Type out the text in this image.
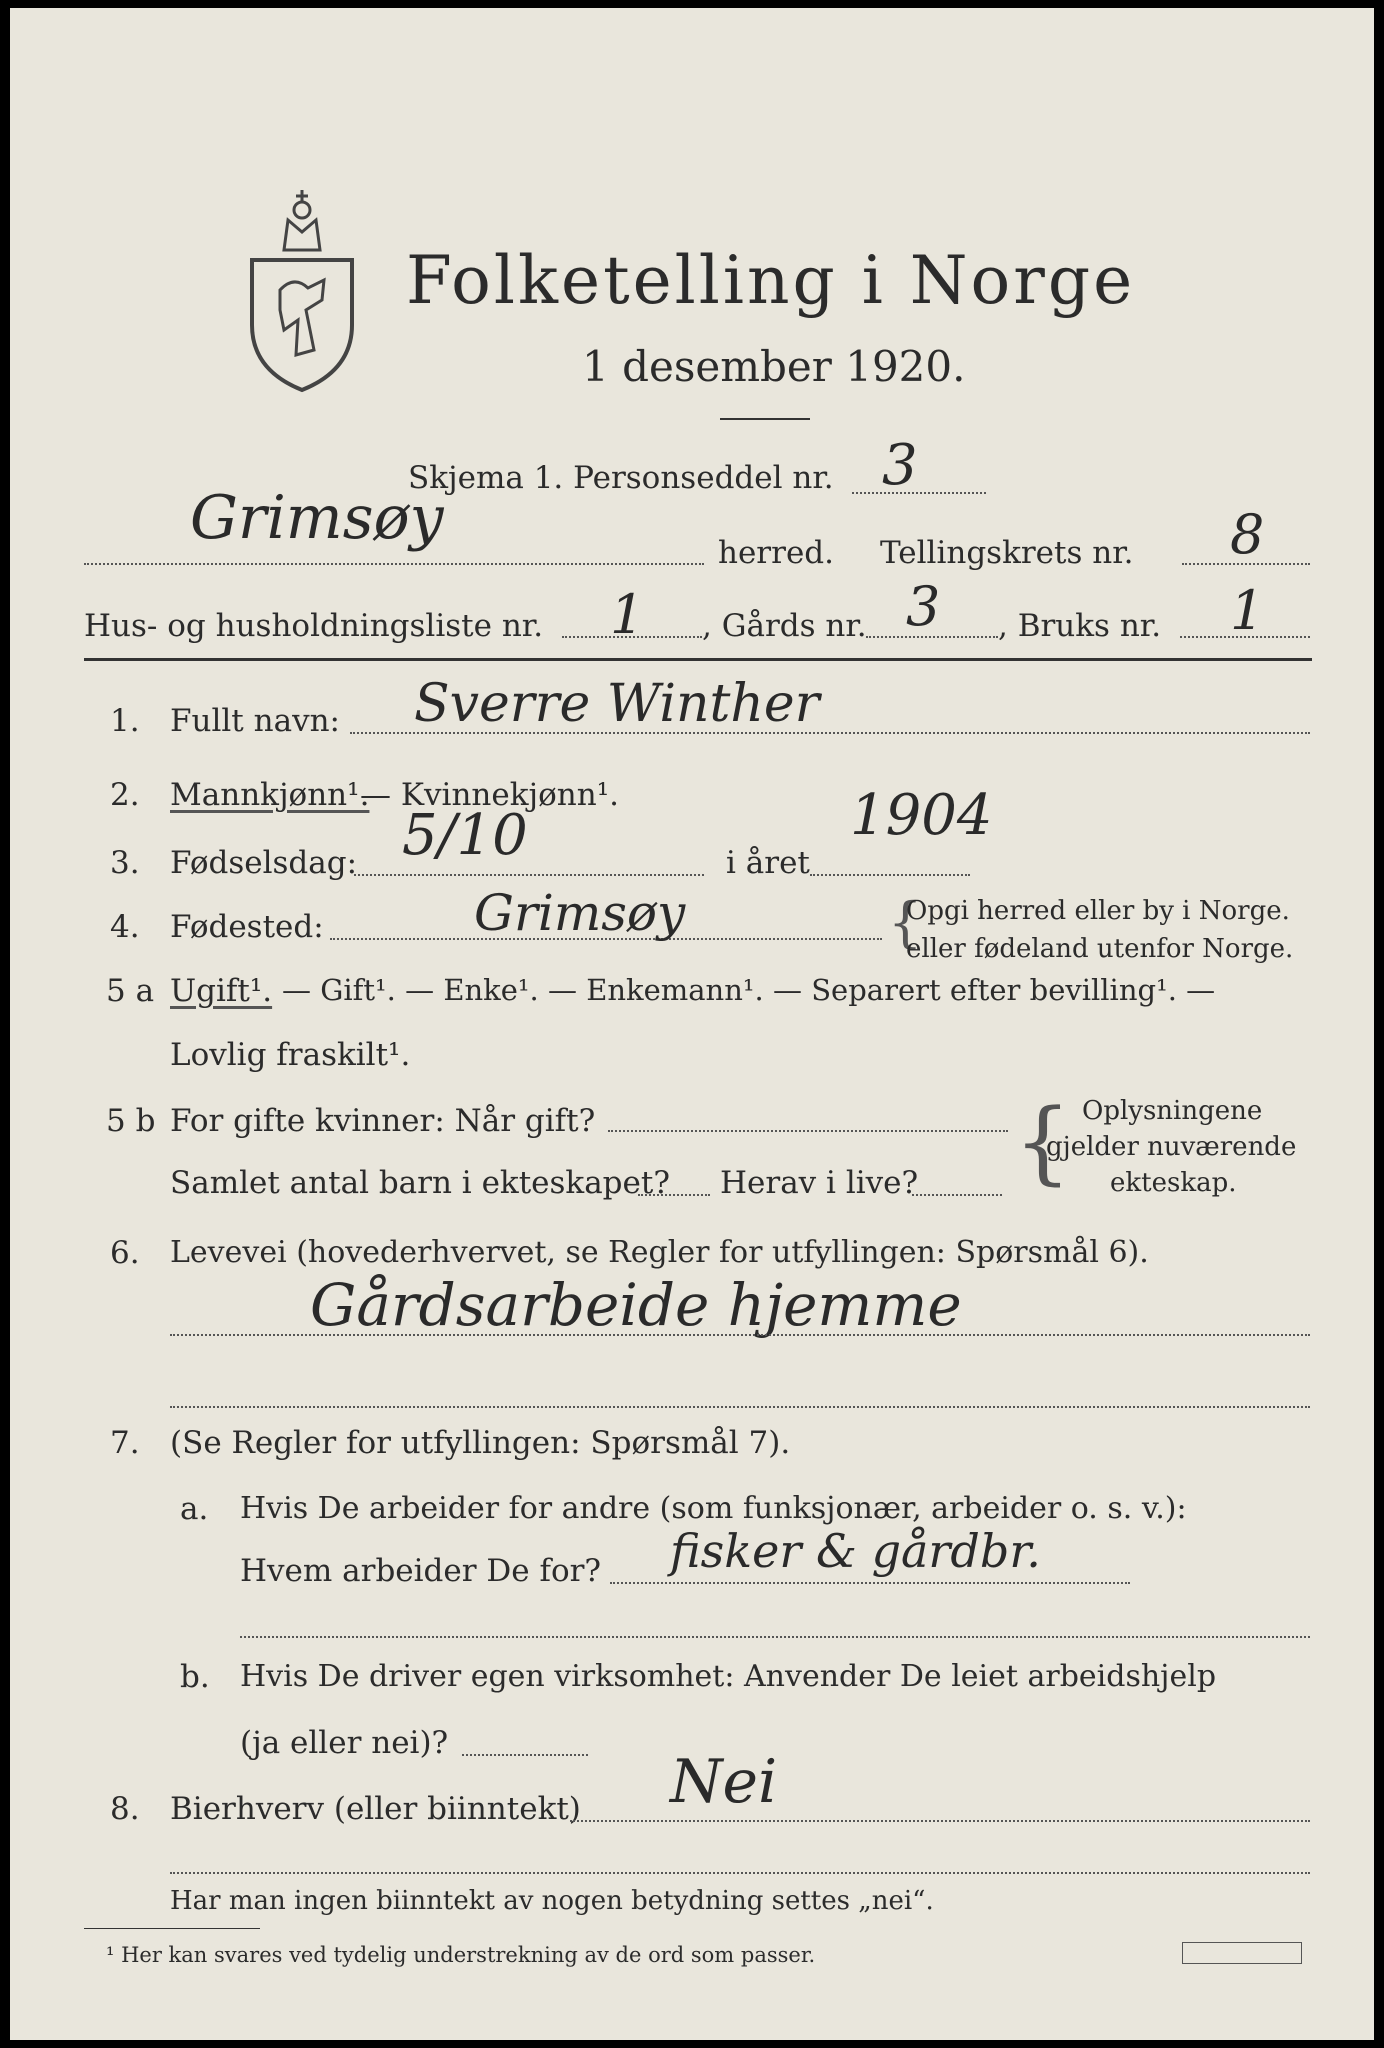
Folketelling i Norge
1 desember 1920.
Skjema 1. Personseddel nr. 3
Grimsøy	herred. Tellingskrets nr. 8
Hus- og husholdningsliste nr. 1 , Gårds nr. 3 , Bruks nr. 1
1. Fullt navn: Sverre Winther
2. Mannkjønn¹.
— Kvinnekjønn¹.
3. Fødselsdag: 5/10	i året
1904
4. Fødested:	Grimsøy	{
Opgi herred eller by i Norge.
eller fødeland utenfor Norge.
5 a Ugift¹. — Gift¹. — Enke¹. — Enkemann¹. — Separert efter bevilling¹. —
Lovlig fraskilt¹.
5 b For gifte kvinner: Når gift?
Samlet antal barn i ekteskapet? Herav i live? { Oplysningene
gjelder nuværende
ekteskap.
6. Levevei (hovederhvervet, se Regler for utfyllingen: Spørsmål 6).
Gårdsarbeide hjemme
7. (Se Regler for utfyllingen: Spørsmål 7).
a. Hvis De arbeider for andre (som funksjonær, arbeider o. s. v.):
Hvem arbeider De for? fisker & gårdbr.
b. Hvis De driver egen virksomhet: Anvender De leiet arbeidshjelp
(ja eller nei)?
8. Bierhverv (eller biinntekt) Nei
Har man ingen biinntekt av nogen betydning settes „nei“.
¹ Her kan svares ved tydelig understrekning av de ord som passer.
